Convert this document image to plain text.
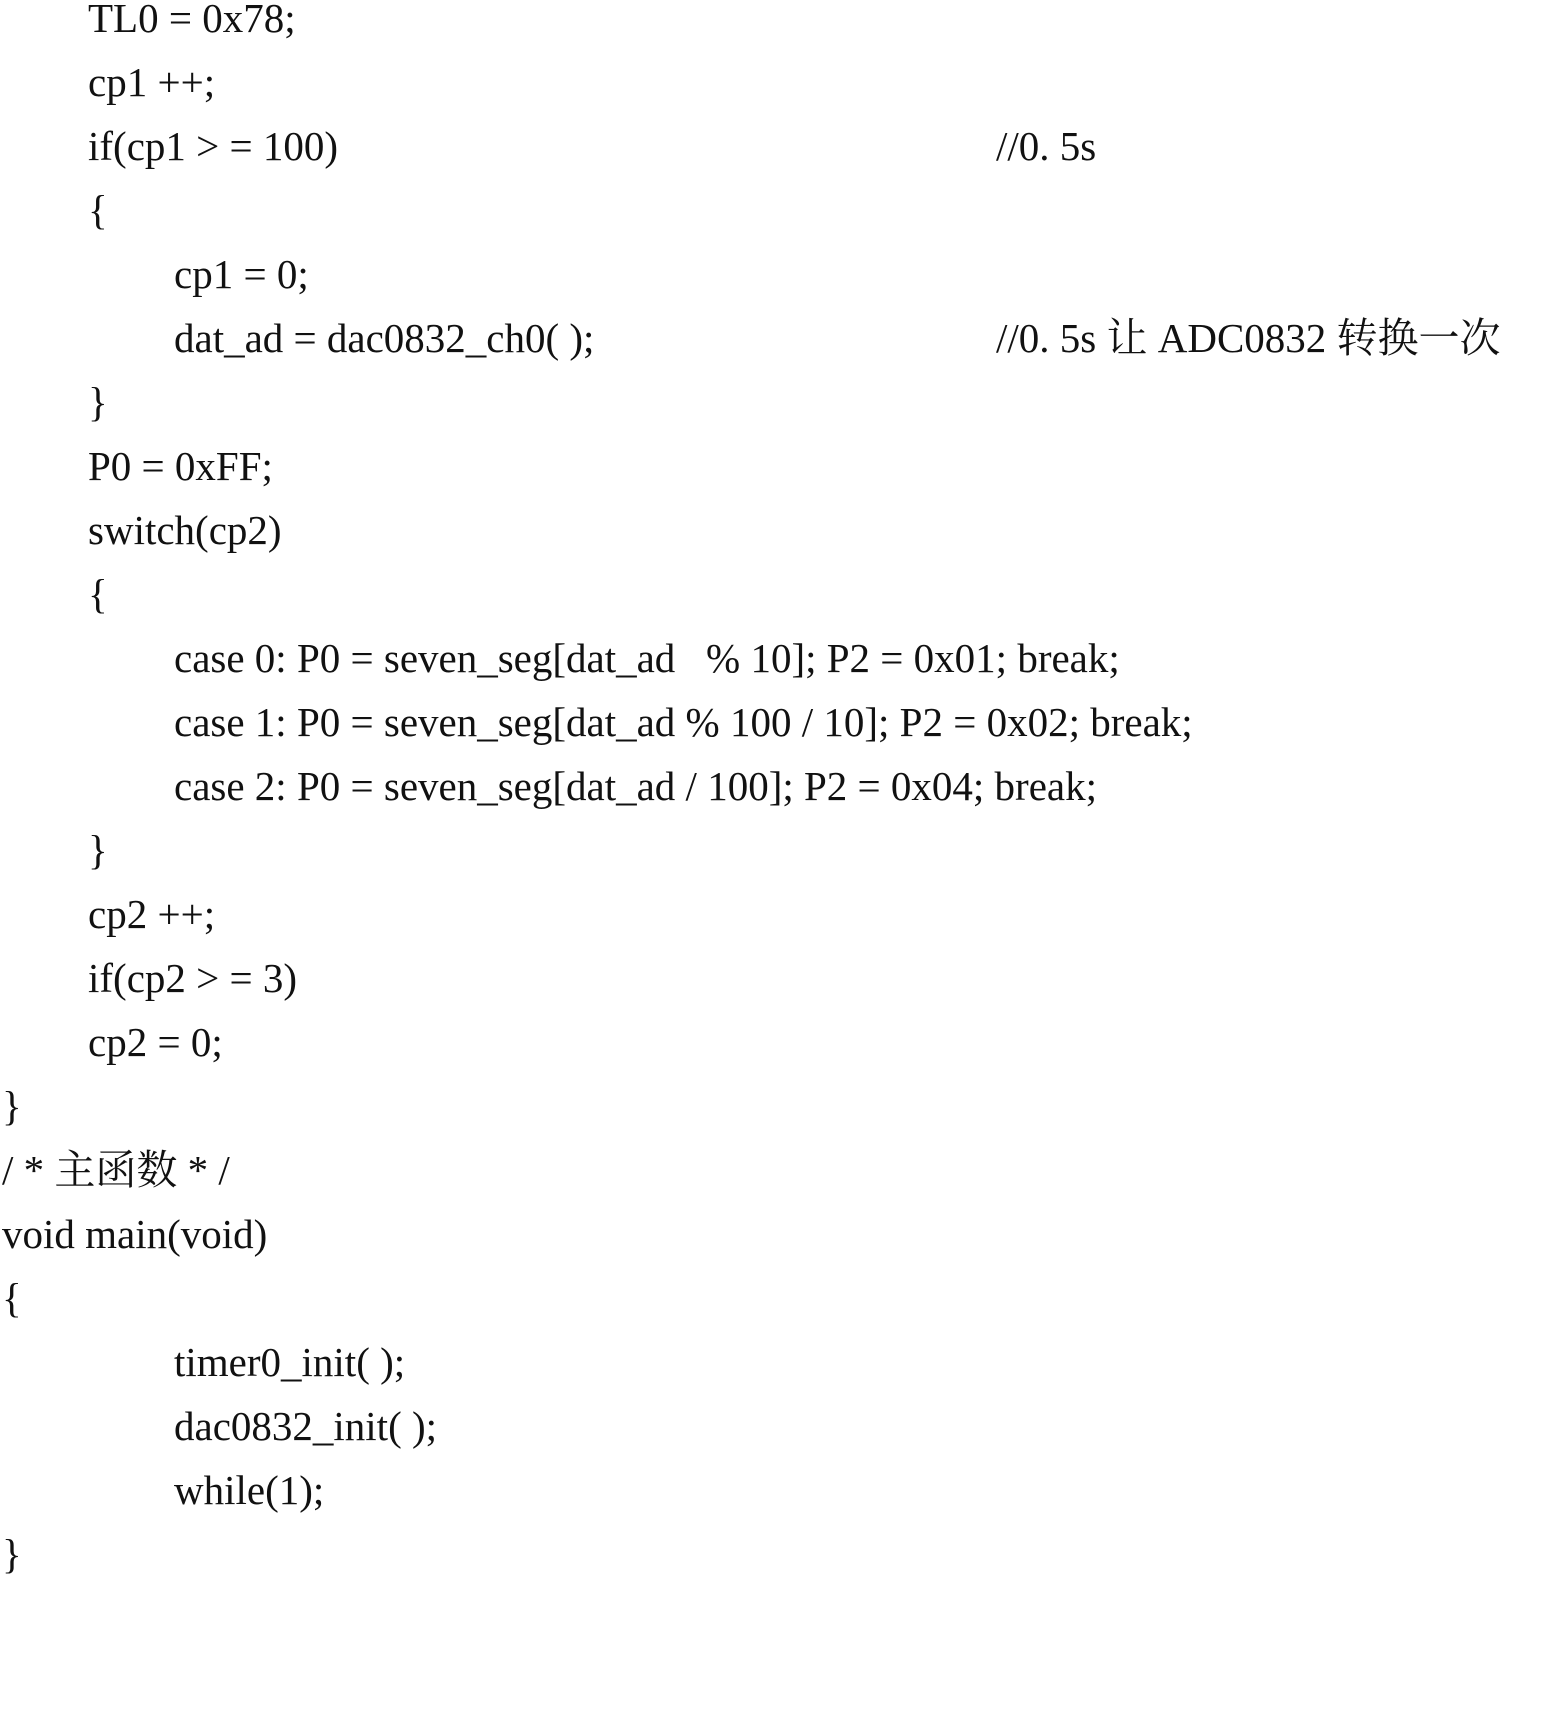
TL0 = 0x78;

cp1 ++;

if(cp1 > = 100)

	//0. 5s

{

cp1 = 0;

dat_ad = dac0832_ch0( );

	//0. 5s 让 ADC0832 转换一次

}

P0 = 0xFF;

switch(cp2)

{

case 0: P0 = seven_seg[dat_ad   % 10]; P2 = 0x01; break;

case 1: P0 = seven_seg[dat_ad % 100 / 10]; P2 = 0x02; break;

case 2: P0 = seven_seg[dat_ad / 100]; P2 = 0x04; break;

}

cp2 ++;

if(cp2 > = 3)

cp2 = 0;

}

/ * 主函数 * /

void main(void)

{

timer0_init( );

dac0832_init( );

while(1);

}
